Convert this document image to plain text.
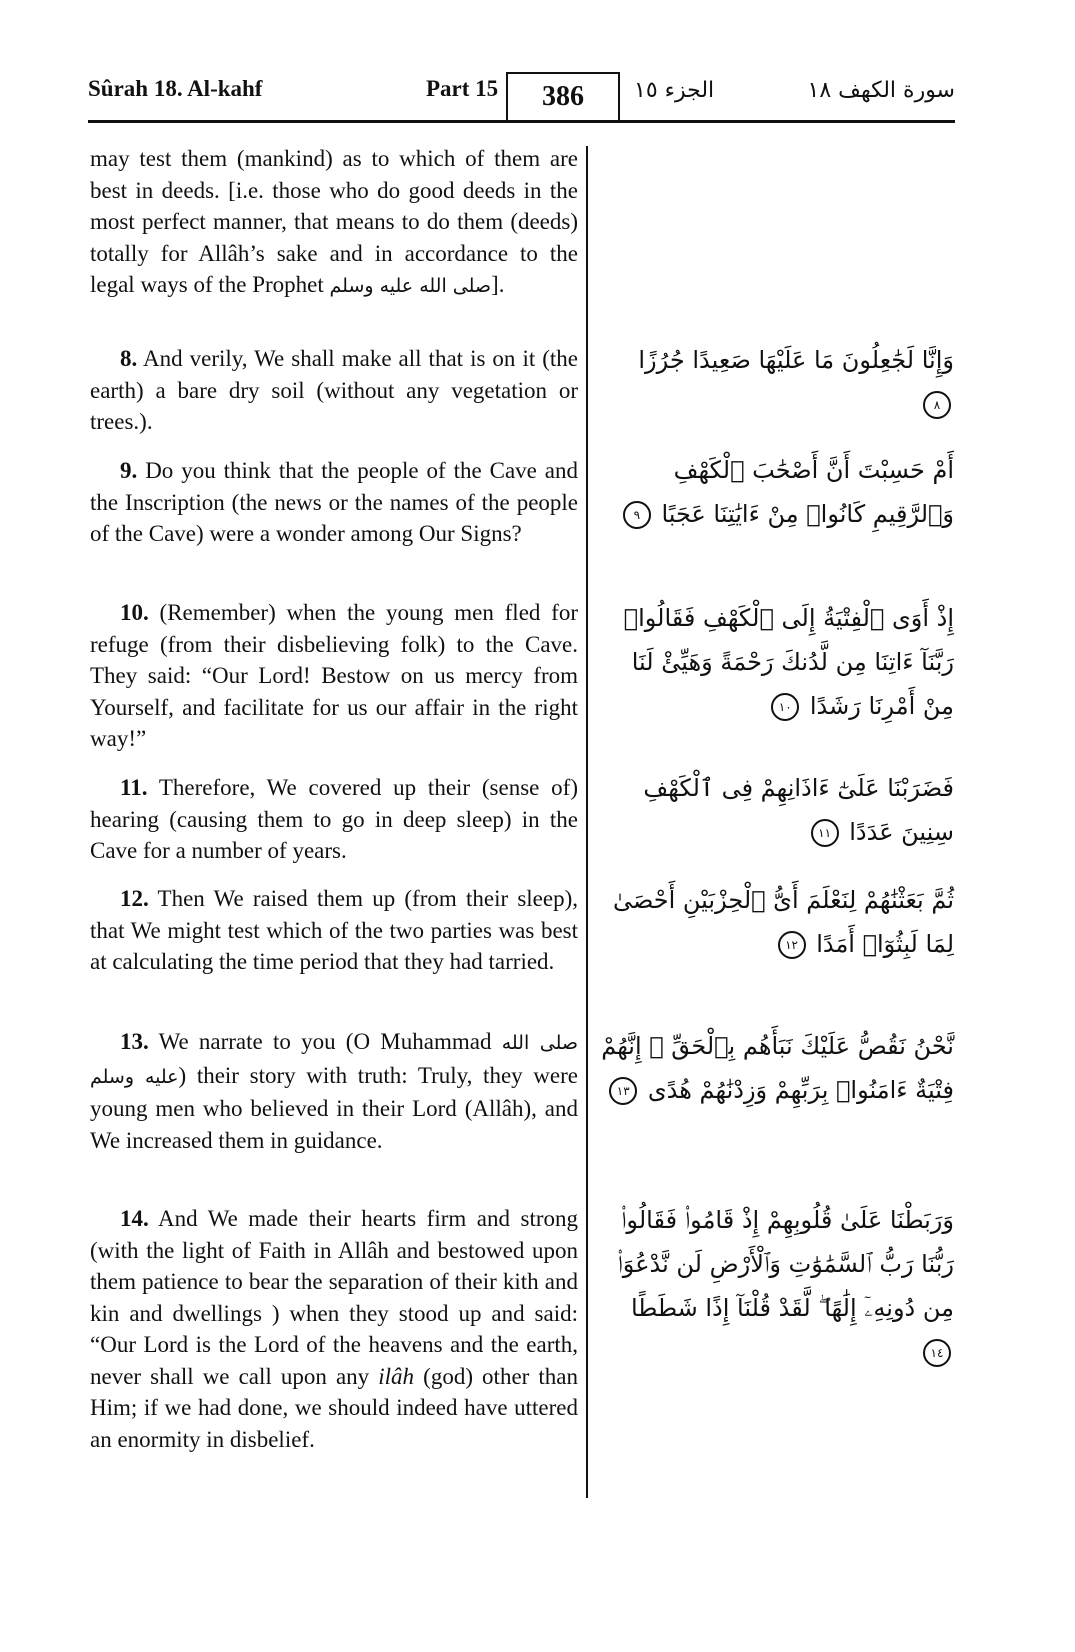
Sûrah 18. Al-kahf	Part 15	386	الجزء ١٥	سورة الكهف ١٨
may test them (mankind) as to which of them are best in deeds. [i.e. those who do good deeds in the most perfect manner, that means to do them (deeds) totally for Allâh’s sake and in accordance to the legal ways of the Prophet صلى الله عليه وسلم].
8. And verily, We shall make all that is on it (the earth) a bare dry soil (without any vegetation or trees.).
9. Do you think that the people of the Cave and the Inscription (the news or the names of the people of the Cave) were a wonder among Our Signs?
10. (Remember) when the young men fled for refuge (from their disbelieving folk) to the Cave. They said: “Our Lord! Bestow on us mercy from Yourself, and facilitate for us our affair in the right way!”
11. Therefore, We covered up their (sense of) hearing (causing them to go in deep sleep) in the Cave for a number of years.
12. Then We raised them up (from their sleep), that We might test which of the two parties was best at calculating the time period that they had tarried.
13. We narrate to you (O Muhammad صلى الله عليه وسلم) their story with truth: Truly, they were young men who believed in their Lord (Allâh), and We increased them in guidance.
14. And We made their hearts firm and strong (with the light of Faith in Allâh and bestowed upon them patience to bear the separation of their kith and kin and dwellings ) when they stood up and said: “Our Lord is the Lord of the heavens and the earth, never shall we call upon any ilâh (god) other than Him; if we had done, we should indeed have uttered an enormity in disbelief.
وَإِنَّا لَجَٰعِلُونَ مَا عَلَيْهَا صَعِيدًا جُرُزًا ٨
أَمْ حَسِبْتَ أَنَّ أَصْحَٰبَ ٱلْكَهْفِ وَٱلرَّقِيمِ كَانُوا۟ مِنْ ءَايَٰتِنَا عَجَبًا ٩
إِذْ أَوَى ٱلْفِتْيَةُ إِلَى ٱلْكَهْفِ فَقَالُوا۟ رَبَّنَآ ءَاتِنَا مِن لَّدُنكَ رَحْمَةً وَهَيِّئْ لَنَا مِنْ أَمْرِنَا رَشَدًا ١٠
فَضَرَبْنَا عَلَىٰٓ ءَاذَانِهِمْ فِى ٱلْكَهْفِ سِنِينَ عَدَدًا ١١
ثُمَّ بَعَثْنَٰهُمْ لِنَعْلَمَ أَىُّ ٱلْحِزْبَيْنِ أَحْصَىٰ لِمَا لَبِثُوٓا۟ أَمَدًا ١٢
نَّحْنُ نَقُصُّ عَلَيْكَ نَبَأَهُم بِٱلْحَقِّ ۚ إِنَّهُمْ فِتْيَةٌ ءَامَنُوا۟ بِرَبِّهِمْ وَزِدْنَٰهُمْ هُدًى ١٣
وَرَبَطْنَا عَلَىٰ قُلُوبِهِمْ إِذْ قَامُوا۟ فَقَالُوا۟ رَبُّنَا رَبُّ ٱلسَّمَٰوَٰتِ وَٱلْأَرْضِ لَن نَّدْعُوَا۟ مِن دُونِهِۦٓ إِلَٰهًا ۖ لَّقَدْ قُلْنَآ إِذًا شَطَطًا ١٤
